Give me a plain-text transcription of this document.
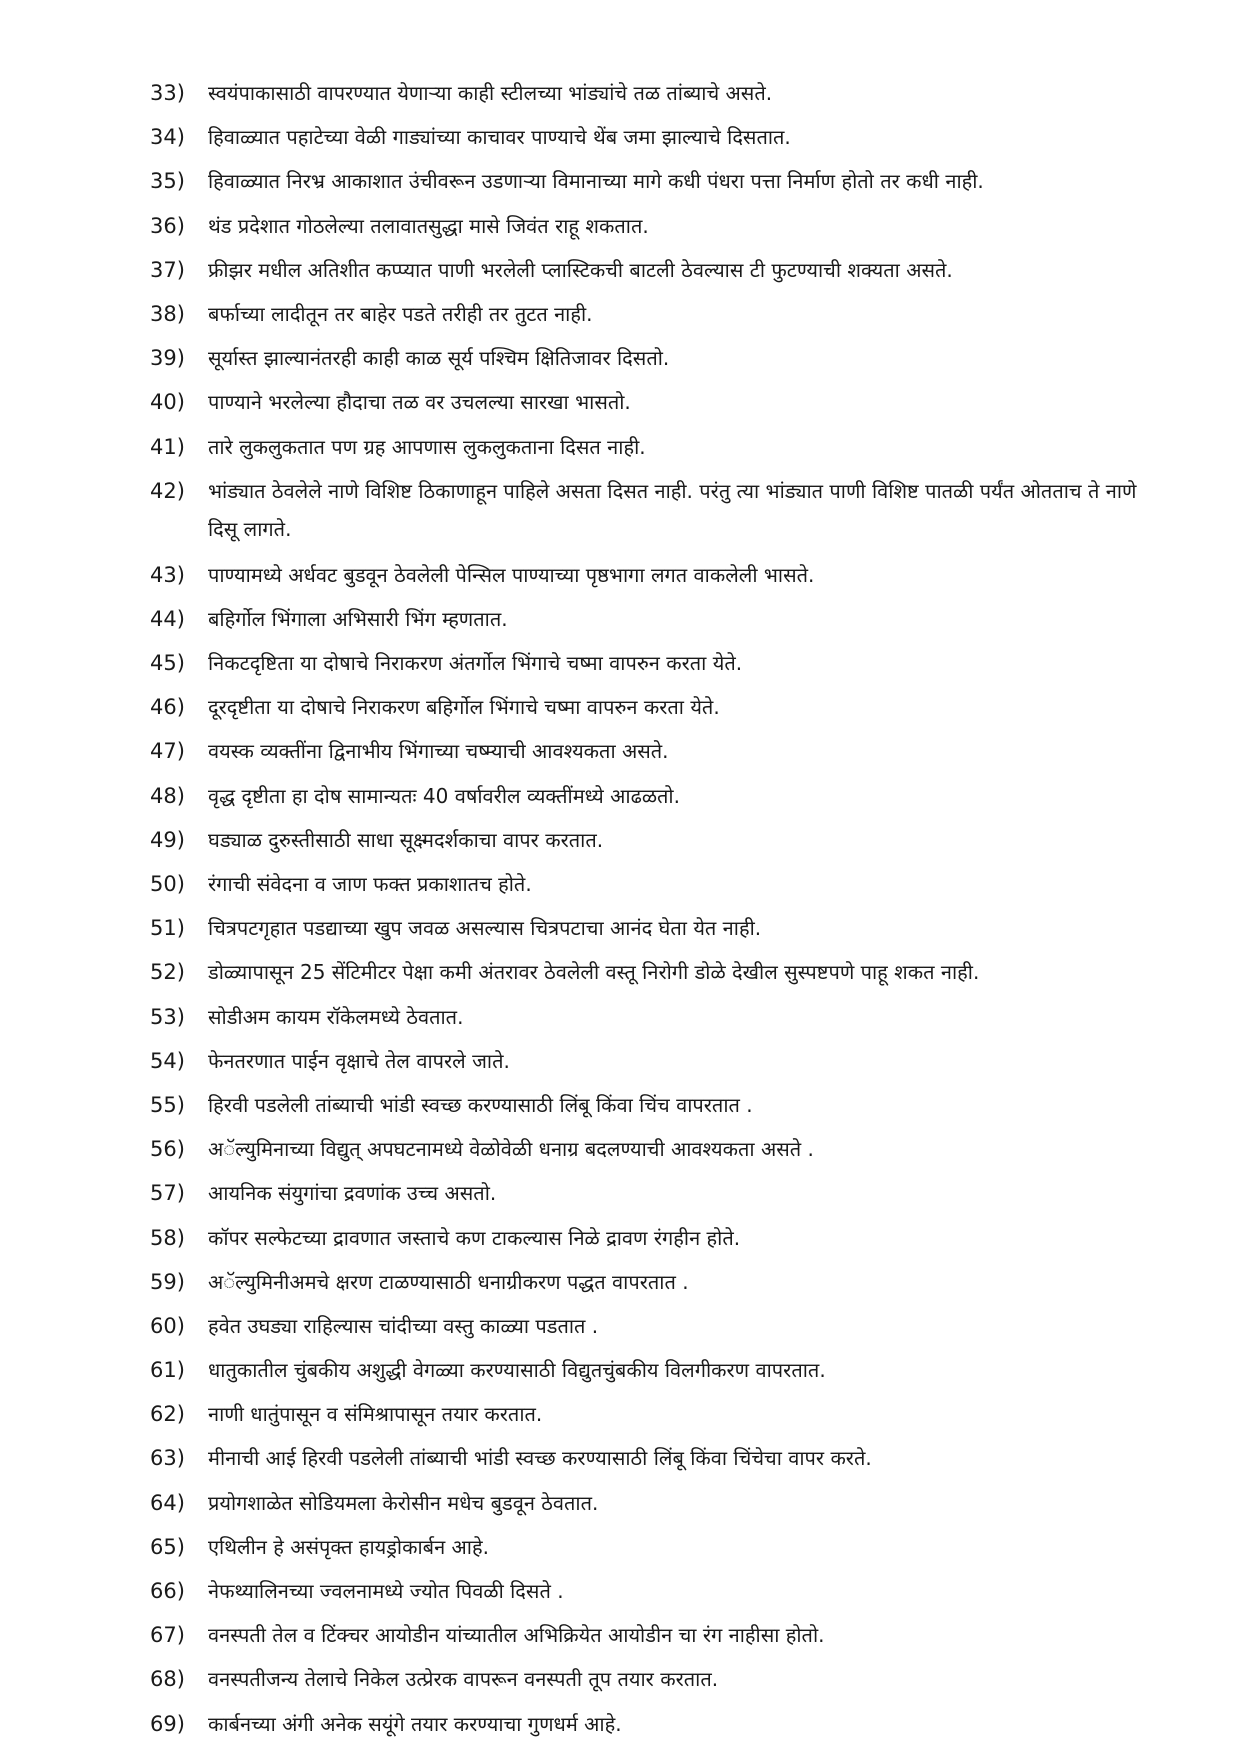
33)	स्वयंपाकासाठी वापरण्यात येणाऱ्या काही स्टीलच्या भांड्यांचे तळ तांब्याचे असते.
34)	हिवाळ्यात पहाटेच्या वेळी गाड्यांच्या काचावर पाण्याचे थेंब जमा झाल्याचे दिसतात.
35)	हिवाळ्यात निरभ्र आकाशात उंचीवरून उडणाऱ्या विमानाच्या मागे कधी पंधरा पत्ता निर्माण होतो तर कधी नाही.
36)	थंड प्रदेशात गोठलेल्या तलावातसुद्धा मासे जिवंत राहू शकतात.
37)	फ्रीझर मधील अतिशीत कप्प्यात पाणी भरलेली प्लास्टिकची बाटली ठेवल्यास टी फुटण्याची शक्यता असते.
38)	बर्फाच्या लादीतून तर बाहेर पडते तरीही तर तुटत नाही.
39)	सूर्यास्त झाल्यानंतरही काही काळ सूर्य पश्चिम क्षितिजावर दिसतो.
40)	पाण्याने भरलेल्या हौदाचा तळ वर उचलल्या सारखा भासतो.
41)	तारे लुकलुकतात पण ग्रह आपणास लुकलुकताना दिसत नाही.
42)	भांड्यात ठेवलेले नाणे विशिष्ट ठिकाणाहून पाहिले असता दिसत नाही. परंतु त्या भांड्यात पाणी विशिष्ट पातळी पर्यंत ओतताच ते नाणे दिसू लागते.
43)	पाण्यामध्ये अर्धवट बुडवून ठेवलेली पेन्सिल पाण्याच्या पृष्ठभागा लगत वाकलेली भासते.
44)	बहिर्गोल भिंगाला अभिसारी भिंग म्हणतात.
45)	निकटदृष्टिता या दोषाचे निराकरण अंतर्गोल भिंगाचे चष्मा वापरुन करता येते.
46)	दूरदृष्टीता या दोषाचे निराकरण बहिर्गोल भिंगाचे चष्मा वापरुन करता येते.
47)	वयस्क व्यक्तींना द्विनाभीय भिंगाच्या चष्म्याची आवश्यकता असते.
48)	वृद्ध दृष्टीता हा दोष सामान्यतः 40 वर्षावरील व्यक्तींमध्ये आढळतो.
49)	घड्याळ दुरुस्तीसाठी साधा सूक्ष्मदर्शकाचा वापर करतात.
50)	रंगाची संवेदना व जाण फक्त प्रकाशातच होते.
51)	चित्रपटगृहात पडद्याच्या खुप जवळ असल्यास चित्रपटाचा आनंद घेता येत नाही.
52)	डोळ्यापासून 25 सेंटिमीटर पेक्षा कमी अंतरावर ठेवलेली वस्तू निरोगी डोळे देखील सुस्पष्टपणे पाहू शकत नाही.
53)	सोडीअम कायम रॉकेलमध्ये ठेवतात.
54)	फेनतरणात पाईन वृक्षाचे तेल वापरले जाते.
55)	हिरवी पडलेली तांब्याची भांडी स्वच्छ करण्यासाठी लिंबू किंवा चिंच वापरतात .
56)	अॅल्युमिनाच्या विद्युत् अपघटनामध्ये वेळोवेळी धनाग्र बदलण्याची आवश्यकता असते .
57)	आयनिक संयुगांचा द्रवणांक उच्च असतो.
58)	कॉपर सल्फेटच्या द्रावणात जस्ताचे कण टाकल्यास निळे द्रावण रंगहीन होते.
59)	अॅल्युमिनीअमचे क्षरण टाळण्यासाठी धनाग्रीकरण पद्धत वापरतात .
60)	हवेत उघड्या राहिल्यास चांदीच्या वस्तु काळ्या पडतात .
61)	धातुकातील चुंबकीय अशुद्धी वेगळ्या करण्यासाठी विद्युतचुंबकीय विलगीकरण वापरतात.
62)	नाणी धातुंपासून व संमिश्रापासून तयार करतात.
63)	मीनाची आई हिरवी पडलेली तांब्याची भांडी स्वच्छ करण्यासाठी लिंबू किंवा चिंचेचा वापर करते.
64)	प्रयोगशाळेत सोडियमला केरोसीन मधेच बुडवून ठेवतात.
65)	एथिलीन हे असंपृक्त हायड्रोकार्बन आहे.
66)	नेफथ्यालिनच्या ज्वलनामध्ये ज्योत पिवळी दिसते .
67)	वनस्पती तेल व टिंक्चर आयोडीन यांच्यातील अभिक्रियेत आयोडीन चा रंग नाहीसा होतो.
68)	वनस्पतीजन्य तेलाचे निकेल उत्प्रेरक वापरून वनस्पती तूप तयार करतात.
69)	कार्बनच्या अंगी अनेक सयूंगे तयार करण्याचा गुणधर्म आहे.
